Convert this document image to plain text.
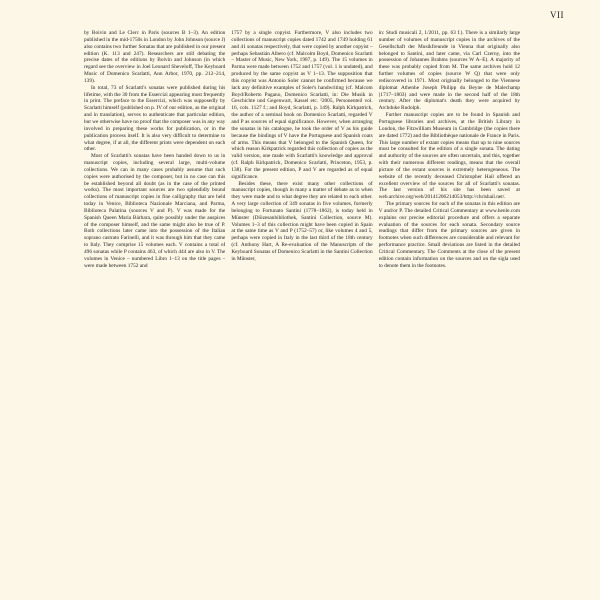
VII

by Boivin and Le Clerc in Paris (sources B 1–3). An edition published in the mid-1750s in London by John Johnson (source J) also contains two further Sonatas that are published in our present edition (K. 113 and 247). Researchers are still debating the precise dates of the editions by Boivin and Johnson (in which regard see the overview in Joel Leonard Sheveloff, The Keyboard Music of Domenico Scarlatti, Ann Arbor, 1970, pp. 212–214, 139).

In total, 73 of Scarlatti's sonatas were published during his lifetime, with the 30 from the Essercizi appearing most frequently in print. The preface to the Essercizi, which was supposedly by Scarlatti himself (published on p. IV of our edition, as the original and in translation), serves to authenticate that particular edition, but we otherwise have no proof that the composer was in any way involved in preparing these works for publication, or in the publication process itself. It is also very difficult to determine to what degree, if at all, the different prints were dependent on each other.

Most of Scarlatti's sonatas have been handed down to us in manuscript copies, including several large, multi-volume collections. We can in many cases probably assume that such copies were authorised by the composer, but in no case can this be established beyond all doubt (as in the case of the printed works). The most important sources are two splendidly bound collections of manuscript copies in fine calligraphy that are held today in Venice, Biblioteca Nazionale Marciana, and Parma, Biblioteca Palatina (sources V and P). V was made for the Spanish Queen Maria Bárbara, quite possibly under the auspices of the composer himself, and the same might also be true of P. Both collections later came into the possession of the Italian soprano castrato Farinelli, and it was through him that they came to Italy. They comprise 15 volumes each. V contains a total of 496 sonatas while P contains 463, of which 444 are also in V. The volumes in Venice – numbered Libro 1–13 on the title pages – were made between 1752 and

1757 by a single copyist. Furthermore, V also includes two collections of manuscript copies dated 1742 and 1749 holding 61 and 41 sonatas respectively, that were copied by another copyist – perhaps Sebastián Albero (cf. Malcolm Boyd, Domenico Scarlatti – Master of Music, New York, 1987, p. 149). The 15 volumes in Parma were made between 1752 and 1757 (vol. 1 is undated), and produced by the same copyist as V 1–13. The supposition that this copyist was Antonio Soler cannot be confirmed because we lack any definitive examples of Soler's handwriting (cf. Malcom Boyd/Roberto Pagano, Domenico Scarlatti, in: Die Musik in Geschichte und Gegenwart, Kassel etc. ²2005, Personenteil vol. 16, cols. 1127 f.; and Boyd, Scarlatti, p. 149). Ralph Kirkpatrick, the author of a seminal book on Domenico Scarlatti, regarded V and P as sources of equal significance. However, when arranging the sonatas in his catalogue, he took the order of V as his guide because the bindings of V have the Portuguese and Spanish coats of arms. This means that V belonged to the Spanish Queen, for which reason Kirkpatrick regarded this collection of copies as the valid version, one made with Scarlatti's knowledge and approval (cf. Ralph Kirkpatrick, Domenico Scarlatti, Princeton, 1953, p. 138). For the present edition, P and V are regarded as of equal significance.

Besides these, there exist many other collections of manuscript copies, though in many a matter of debate as to when they were made and to what degree they are related to each other. A very large collection of 349 sonatas in five volumes, formerly belonging to Fortunato Santini (1778–1862), is today held in Münster (Diözesanbibliothek, Santini Collection, source M). Volumes 1–3 of this collection might have been copied in Spain at the same time as V and P (1752–57) or, like volumes 4 and 5, perhaps were copied in Italy in the last third of the 18th century (cf. Anthony Hart, A Re-evaluation of the Manuscripts of the Keyboard Sonatas of Domenico Scarlatti in the Santini Collection in Münster,

in: Studi musicali 2, 1/2011, pp. 63 f.). There is a similarly large number of volumes of manuscript copies in the archives of the Gesellschaft der Musikfreunde in Vienna that originally also belonged to Santini, and later came, via Carl Czerny, into the possession of Johannes Brahms (sources W A–E). A majority of these was probably copied from M. The same archives hold 12 further volumes of copies (source W Q) that were only rediscovered in 1971. Most originally belonged to the Viennese diplomat Athenhe Joseph Philipp du Beyne de Malechamp (1717–1803) and were made in the second half of the 18th century. After the diplomat's death they were acquired by Archduke Rudolph.

Further manuscript copies are to be found in Spanish and Portuguese libraries and archives, at the British Library in London, the Fitzwilliam Museum in Cambridge (the copies there are dated 1772) and the Bibliothèque nationale de France in Paris. This large number of extant copies means that up to nine sources must be consulted for the edition of a single sonata. The dating and authority of the sources are often uncertain, and this, together with their numerous different readings, means that the overall picture of the extant sources is extremely heterogeneous. The website of the recently deceased Christopher Hail offered an excellent overview of the sources for all of Scarlatti's sonatas. The last version of his site has been saved at web.archive.org/web/20141206214053/http://chrishail.net/.

The primary sources for each of the sonatas in this edition are V and/or P. The detailed Critical Commentary at www.henle.com explains our precise editorial procedure and offers a separate evaluation of the sources for each sonata. Secondary source readings that differ from the primary sources are given in footnotes when such differences are considerable and relevant for performance practice. Small deviations are listed in the detailed Critical Commentary. The Comments at the close of the present edition contain information on the sources and on the sigla used to denote them in the footnotes.
